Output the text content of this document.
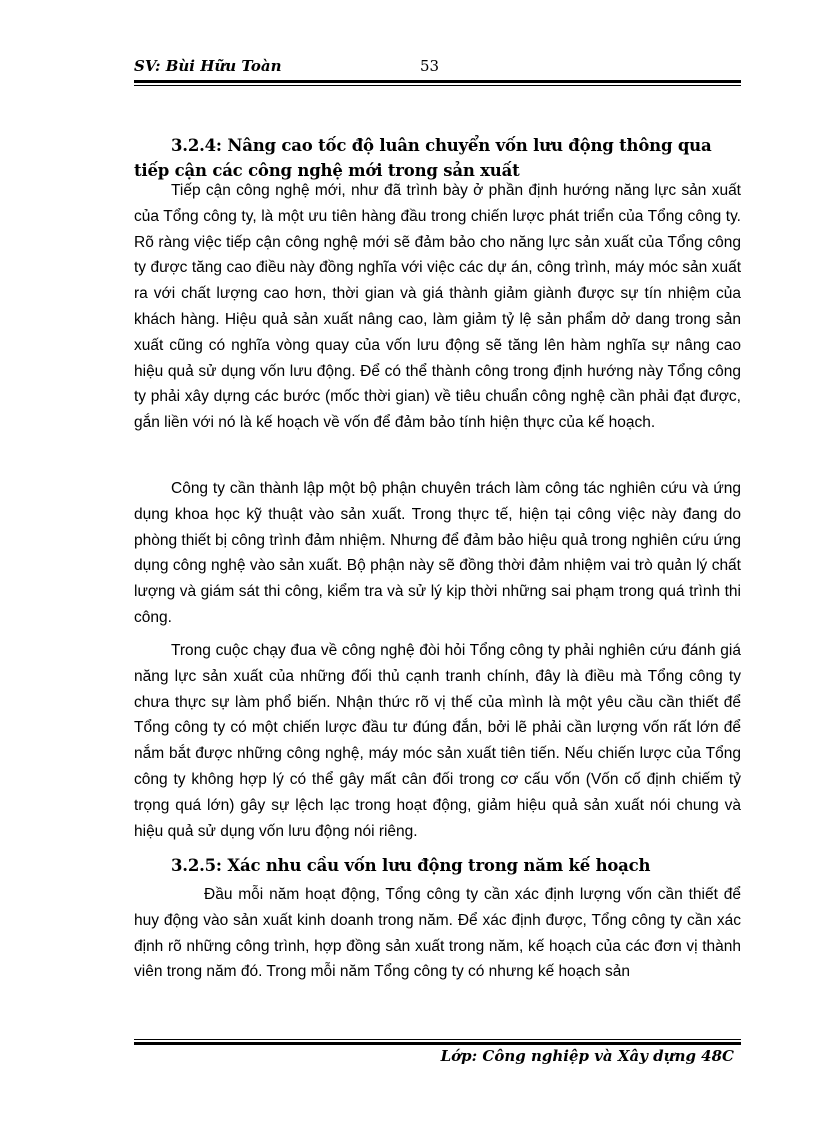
SV: Bùi Hữu Toàn	53
3.2.4: Nâng cao tốc độ luân chuyển vốn lưu động thông qua tiếp cận các công nghệ mới trong sản xuất

Tiếp cận công nghệ mới, như đã trình bày ở phần định hướng năng lực sản xuất của Tổng công ty, là một ưu tiên hàng đầu trong chiến lược phát triển của Tổng công ty. Rõ ràng việc tiếp cận công nghệ mới sẽ đảm bảo cho năng lực sản xuất của Tổng công ty được tăng cao điều này đồng nghĩa với việc các dự án, công trình, máy móc sản xuất ra với chất lượng cao hơn, thời gian và giá thành giảm giành được sự tín nhiệm của khách hàng. Hiệu quả sản xuất nâng cao, làm giảm tỷ lệ sản phẩm dở dang trong sản xuất cũng có nghĩa vòng quay của vốn lưu động sẽ tăng lên hàm nghĩa sự nâng cao hiệu quả sử dụng vốn lưu động. Để có thể thành công trong định hướng này Tổng công ty phải xây dựng các bước (mốc thời gian) về tiêu chuẩn công nghệ cần phải đạt được, gắn liền với nó là kế hoạch về vốn để đảm bảo tính hiện thực của kế hoạch.

Công ty cần thành lập một bộ phận chuyên trách làm công tác nghiên cứu và ứng dụng khoa học kỹ thuật vào sản xuất. Trong thực tế, hiện tại công việc này đang do phòng thiết bị công trình đảm nhiệm. Nhưng để đảm bảo hiệu quả trong nghiên cứu ứng dụng công nghệ vào sản xuất. Bộ phận này sẽ đồng thời đảm nhiệm vai trò quản lý chất lượng và giám sát thi công, kiểm tra và sử lý kịp thời những sai phạm trong quá trình thi công.

Trong cuộc chạy đua về công nghệ đòi hỏi Tổng công ty phải nghiên cứu đánh giá năng lực sản xuất của những đối thủ cạnh tranh chính, đây là điều mà Tổng công ty chưa thực sự làm phổ biến. Nhận thức rõ vị thế của mình là một yêu cầu cần thiết để Tổng công ty có một chiến lược đầu tư đúng đắn, bởi lẽ phải cần lượng vốn rất lớn để nắm bắt được những công nghệ, máy móc sản xuất tiên tiến. Nếu chiến lược của Tổng công ty không hợp lý có thể gây mất cân đối trong cơ cấu vốn (Vốn cố định chiếm tỷ trọng quá lớn) gây sự lệch lạc trong hoạt động, giảm hiệu quả sản xuất nói chung và hiệu quả sử dụng vốn lưu động nói riêng.

3.2.5: Xác nhu cầu vốn lưu động trong năm kế hoạch

Đầu mỗi năm hoạt động, Tổng công ty cần xác định lượng vốn cần thiết để huy động vào sản xuất kinh doanh trong năm. Để xác định được, Tổng công ty cần xác định rõ những công trình, hợp đồng sản xuất trong năm, kế hoạch của các đơn vị thành viên trong năm đó. Trong mỗi năm Tổng công ty có nhưng kế hoạch sản

Lớp: Công nghiệp và Xây dựng 48C
